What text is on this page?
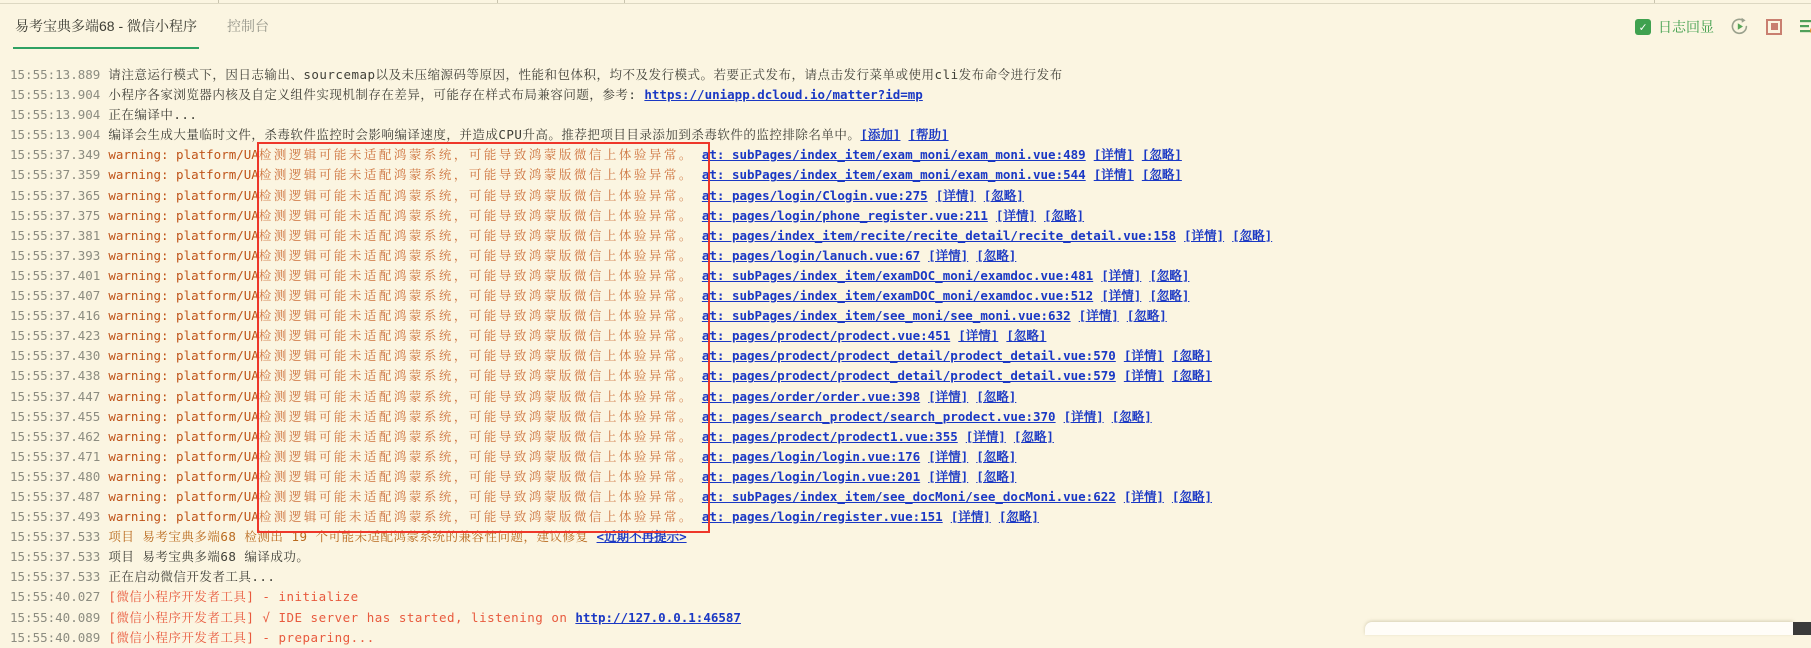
易考宝典多端68 - 微信小程序 控制台	✓ 日志回显
15:55:13.889 请注意运行模式下，因日志输出、sourcemap以及未压缩源码等原因，性能和包体积，均不及发行模式。若要正式发布，请点击发行菜单或使用cli发布命令进行发布
15:55:13.904 小程序各家浏览器内核及自定义组件实现机制存在差异，可能存在样式布局兼容问题，参考: https://uniapp.dcloud.io/matter?id=mp
15:55:13.904 正在编译中...
15:55:13.904 编译会生成大量临时文件，杀毒软件监控时会影响编译速度，并造成CPU升高。推荐把项目目录添加到杀毒软件的监控排除名单中。[添加] [帮助]
15:55:37.349 warning: platform/UA检测逻辑可能未适配鸿蒙系统，可能导致鸿蒙版微信上体验异常。 at: subPages/index_item/exam_moni/exam_moni.vue:489 [详情] [忽略]
15:55:37.359 warning: platform/UA检测逻辑可能未适配鸿蒙系统，可能导致鸿蒙版微信上体验异常。 at: subPages/index_item/exam_moni/exam_moni.vue:544 [详情] [忽略]
15:55:37.365 warning: platform/UA检测逻辑可能未适配鸿蒙系统，可能导致鸿蒙版微信上体验异常。 at: pages/login/Clogin.vue:275 [详情] [忽略]
15:55:37.375 warning: platform/UA检测逻辑可能未适配鸿蒙系统，可能导致鸿蒙版微信上体验异常。 at: pages/login/phone_register.vue:211 [详情] [忽略]
15:55:37.381 warning: platform/UA检测逻辑可能未适配鸿蒙系统，可能导致鸿蒙版微信上体验异常。 at: pages/index_item/recite/recite_detail/recite_detail.vue:158 [详情] [忽略]
15:55:37.393 warning: platform/UA检测逻辑可能未适配鸿蒙系统，可能导致鸿蒙版微信上体验异常。 at: pages/login/lanuch.vue:67 [详情] [忽略]
15:55:37.401 warning: platform/UA检测逻辑可能未适配鸿蒙系统，可能导致鸿蒙版微信上体验异常。 at: subPages/index_item/examDOC_moni/examdoc.vue:481 [详情] [忽略]
15:55:37.407 warning: platform/UA检测逻辑可能未适配鸿蒙系统，可能导致鸿蒙版微信上体验异常。 at: subPages/index_item/examDOC_moni/examdoc.vue:512 [详情] [忽略]
15:55:37.416 warning: platform/UA检测逻辑可能未适配鸿蒙系统，可能导致鸿蒙版微信上体验异常。 at: subPages/index_item/see_moni/see_moni.vue:632 [详情] [忽略]
15:55:37.423 warning: platform/UA检测逻辑可能未适配鸿蒙系统，可能导致鸿蒙版微信上体验异常。 at: pages/prodect/prodect.vue:451 [详情] [忽略]
15:55:37.430 warning: platform/UA检测逻辑可能未适配鸿蒙系统，可能导致鸿蒙版微信上体验异常。 at: pages/prodect/prodect_detail/prodect_detail.vue:570 [详情] [忽略]
15:55:37.438 warning: platform/UA检测逻辑可能未适配鸿蒙系统，可能导致鸿蒙版微信上体验异常。 at: pages/prodect/prodect_detail/prodect_detail.vue:579 [详情] [忽略]
15:55:37.447 warning: platform/UA检测逻辑可能未适配鸿蒙系统，可能导致鸿蒙版微信上体验异常。 at: pages/order/order.vue:398 [详情] [忽略]
15:55:37.455 warning: platform/UA检测逻辑可能未适配鸿蒙系统，可能导致鸿蒙版微信上体验异常。 at: pages/search_prodect/search_prodect.vue:370 [详情] [忽略]
15:55:37.462 warning: platform/UA检测逻辑可能未适配鸿蒙系统，可能导致鸿蒙版微信上体验异常。 at: pages/prodect/prodect1.vue:355 [详情] [忽略]
15:55:37.471 warning: platform/UA检测逻辑可能未适配鸿蒙系统，可能导致鸿蒙版微信上体验异常。 at: pages/login/login.vue:176 [详情] [忽略]
15:55:37.480 warning: platform/UA检测逻辑可能未适配鸿蒙系统，可能导致鸿蒙版微信上体验异常。 at: pages/login/login.vue:201 [详情] [忽略]
15:55:37.487 warning: platform/UA检测逻辑可能未适配鸿蒙系统，可能导致鸿蒙版微信上体验异常。 at: subPages/index_item/see_docMoni/see_docMoni.vue:622 [详情] [忽略]
15:55:37.493 warning: platform/UA检测逻辑可能未适配鸿蒙系统，可能导致鸿蒙版微信上体验异常。 at: pages/login/register.vue:151 [详情] [忽略]
15:55:37.533 项目 易考宝典多端68 检测出 19 个可能未适配鸿蒙系统的兼容性问题，建议修复 <近期不再提示>
15:55:37.533 项目 易考宝典多端68 编译成功。
15:55:37.533 正在启动微信开发者工具...
15:55:40.027 [微信小程序开发者工具] - initialize
15:55:40.089 [微信小程序开发者工具] √ IDE server has started, listening on http://127.0.0.1:46587
15:55:40.089 [微信小程序开发者工具] - preparing...
